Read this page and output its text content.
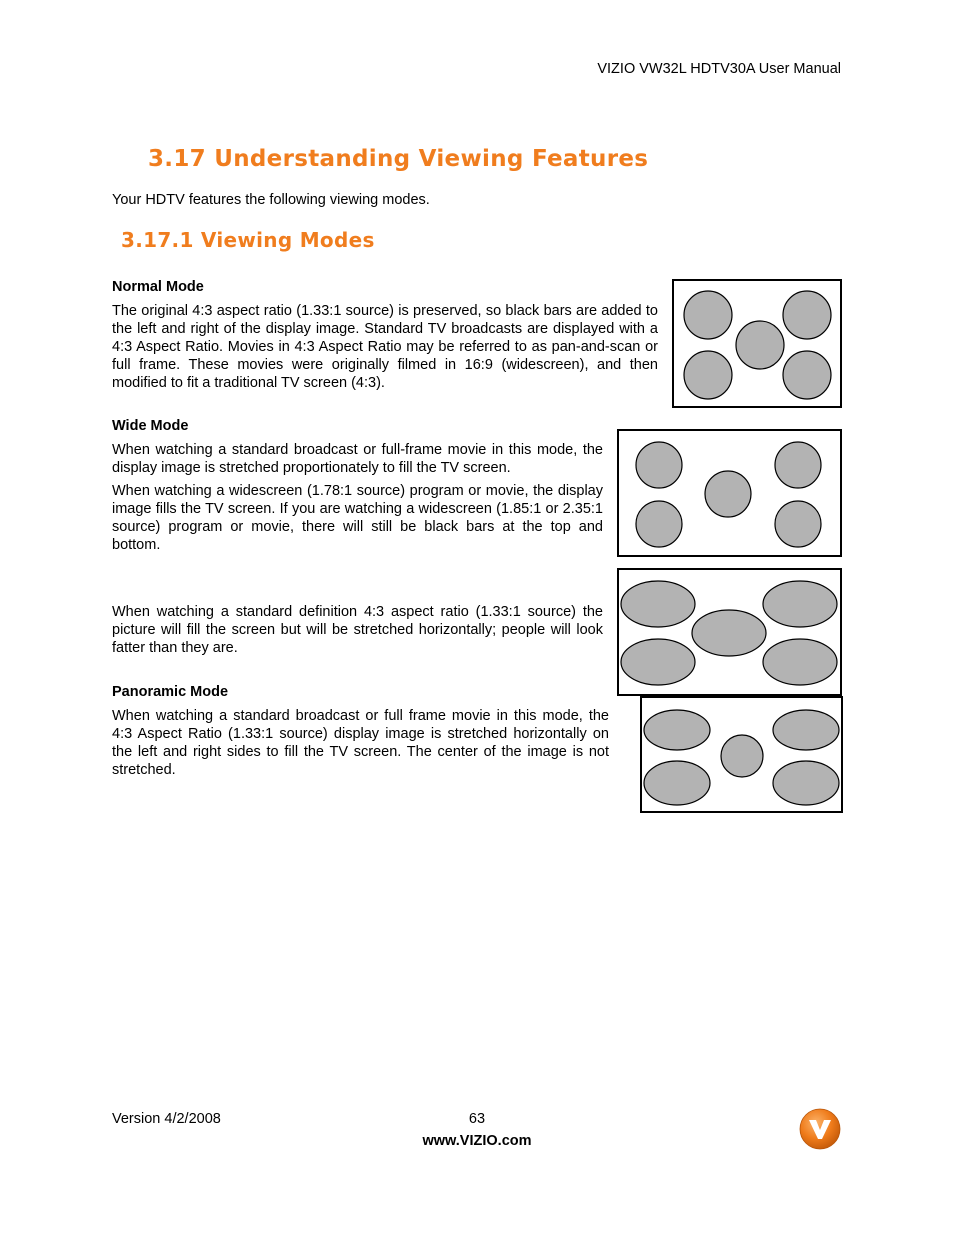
VIZIO VW32L HDTV30A User Manual
3.17 Understanding Viewing Features
Your HDTV features the following viewing modes.
3.17.1 Viewing Modes
Normal Mode
The original 4:3 aspect ratio (1.33:1 source) is preserved, so black bars are added to the left and right of the display image. Standard TV broadcasts are displayed with a 4:3 Aspect Ratio. Movies in 4:3 Aspect Ratio may be referred to as pan-and-scan or full frame. These movies were originally filmed in 16:9 (widescreen), and then modified to fit a traditional TV screen (4:3).
Wide Mode
When watching a standard broadcast or full-frame movie in this mode, the display image is stretched proportionately to fill the TV screen.
When watching a widescreen (1.78:1 source) program or movie, the display image fills the TV screen. If you are watching a widescreen (1.85:1 or 2.35:1 source) program or movie, there will still be black bars at the top and bottom.
When watching a standard definition 4:3 aspect ratio (1.33:1 source) the picture will fill the screen but will be stretched horizontally; people will look fatter than they are.
Panoramic Mode
When watching a standard broadcast or full frame movie in this mode, the 4:3 Aspect Ratio (1.33:1 source) display image is stretched horizontally on the left and right sides to fill the TV screen. The center of the image is not stretched.
Version 4/2/2008	63
www.VIZIO.com
